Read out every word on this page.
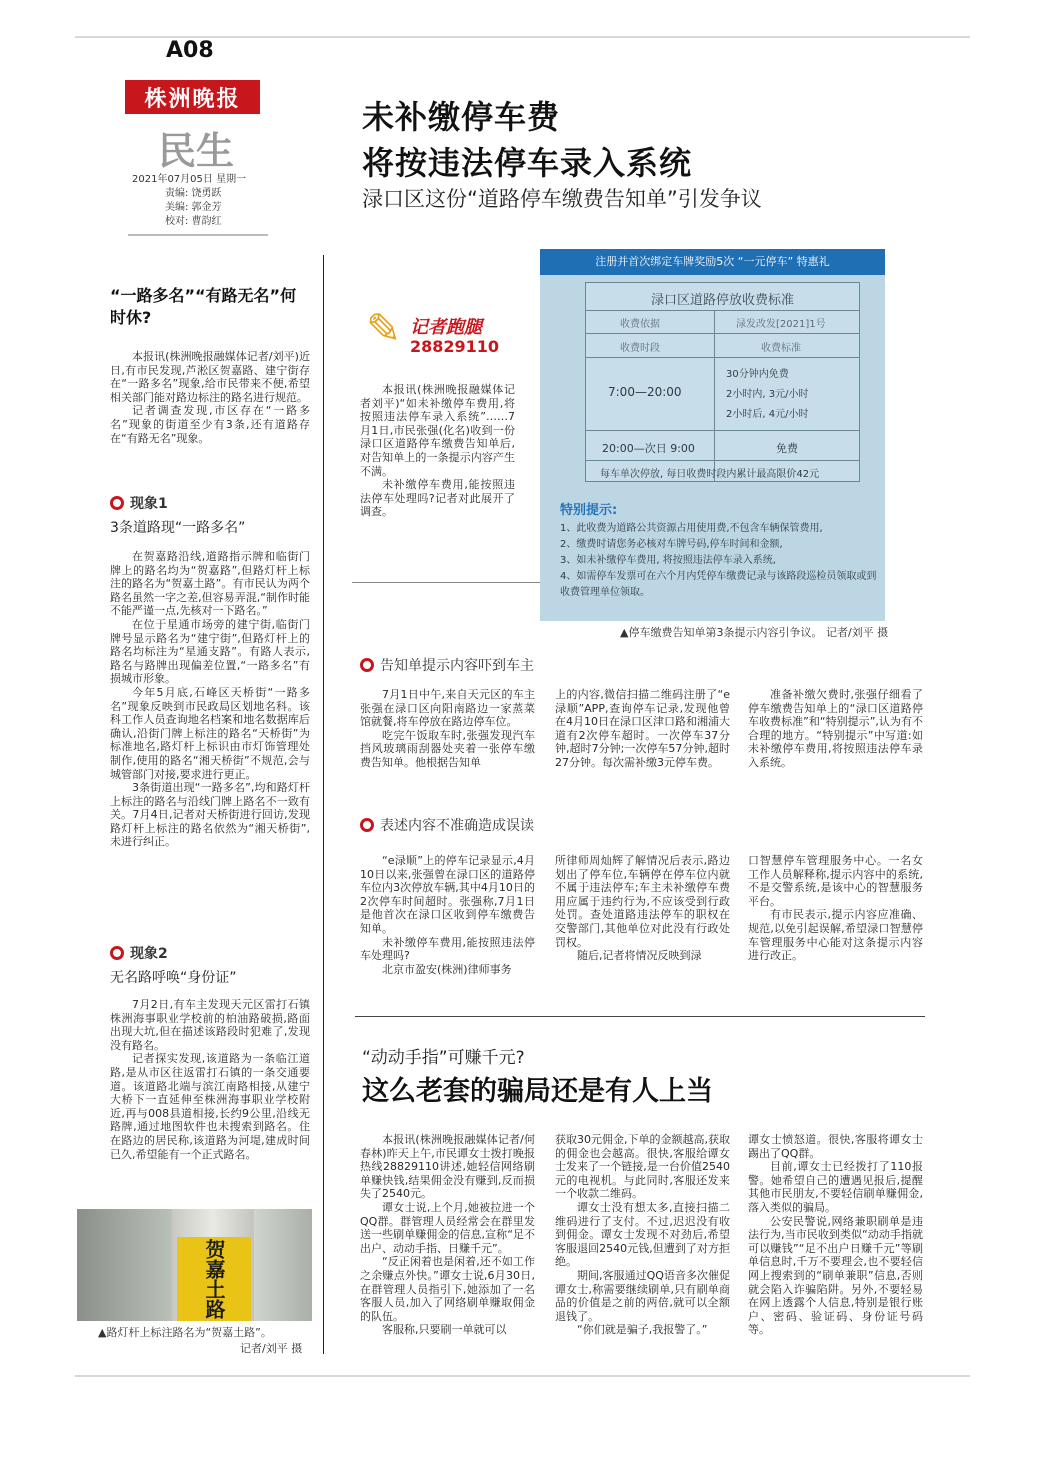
A08
株洲晚报
民生
2021年07月05日 星期一
责编: 饶勇跃
美编: 郭金芳
校对: 曹韵红
未补缴停车费
将按违法停车录入系统
渌口区这份“道路停车缴费告知单”引发争议
“一路多名”“有路无名”何时休?

本报讯(株洲晚报融媒体记者/刘平)近日,有市民发现,芦淞区贺嘉路、建宁街存在“一路多名”现象,给市民带来不便,希望相关部门能对路边标注的路名进行规范。

记者调查发现,市区存在“一路多名”现象的街道至少有3条,还有道路存在“有路无名”现象。

现象1
3条道路现“一路多名”

在贺嘉路沿线,道路指示牌和临街门牌上的路名均为“贺嘉路”,但路灯杆上标注的路名为“贺嘉土路”。有市民认为两个路名虽然一字之差,但容易弄混,“制作时能不能严谨一点,先核对一下路名。”

在位于星通市场旁的建宁街,临街门牌号显示路名为“建宁街”,但路灯杆上的路名均标注为“星通支路”。有路人表示,路名与路牌出现偏差位置,“一路多名”有损城市形象。

今年5月底,石峰区天桥街“一路多名”现象反映到市民政局区划地名科。该科工作人员查询地名档案和地名数据库后确认,沿街门牌上标注的路名“天桥街”为标准地名,路灯杆上标识由市灯饰管理处制作,使用的路名“湘天桥街”不规范,会与城管部门对接,要求进行更正。

3条街道出现“一路多名”,均和路灯杆上标注的路名与沿线门牌上路名不一致有关。7月4日,记者对天桥街进行回访,发现路灯杆上标注的路名依然为“湘天桥街”,未进行纠正。

现象2
无名路呼唤“身份证”

7月2日,有车主发现天元区雷打石镇株洲海事职业学校前的柏油路破损,路面出现大坑,但在描述该路段时犯难了,发现没有路名。

记者探实发现,该道路为一条临江道路,是从市区往返雷打石镇的一条交通要道。该道路北端与滨江南路相接,从建宁大桥下一直延伸至株洲海事职业学校附近,再与008县道相接,长约9公里,沿线无路牌,通过地图软件也未搜索到路名。住在路边的居民称,该道路为河堤,建成时间已久,希望能有一个正式路名。

贺嘉土路
▲路灯杆上标注路名为“贺嘉土路”。
记者/刘平 摄
✎ 记者跑腿
28829110

本报讯(株洲晚报融媒体记者刘平)“如未补缴停车费用,将按照违法停车录入系统”……7月1日,市民张强(化名)收到一份渌口区道路停车缴费告知单后,对告知单上的一条提示内容产生不满。

未补缴停车费用,能按照违法停车处理吗?记者对此展开了调查。

注册并首次绑定车牌奖励5次 “一元停车” 特惠礼
渌口区道路停放收费标准
收费依据	渌发改发[2021]1号
收费时段	收费标准
7:00—20:00
30分钟内免费
2小时内, 3元/小时
2小时后, 4元/小时
20:00—次日 9:00	免费
每车单次停放, 每日收费时段内累计最高限价42元
特别提示:
1、此收费为道路公共资源占用使用费,不包含车辆保管费用,
2、缴费时请您务必核对车牌号码,停车时间和金额,
3、如未补缴停车费用, 将按照违法停车录入系统,
4、如需停车发票可在六个月内凭停车缴费记录与该路段巡检员领取或到收费管理单位领取。
▲停车缴费告知单第3条提示内容引争议。 记者/刘平 摄
告知单提示内容吓到车主

7月1日中午,来自天元区的车主张强在渌口区向阳南路边一家蒸菜馆就餐,将车停放在路边停车位。

吃完午饭取车时,张强发现汽车挡风玻璃雨刮器处夹着一张停车缴费告知单。他根据告知单

上的内容,微信扫描二维码注册了“e渌顺”APP,查询停车记录,发现他曾在4月10日在渌口区津口路和湘浦大道有2次停车超时。一次停车37分钟,超时7分钟;一次停车57分钟,超时27分钟。每次需补缴3元停车费。

准备补缴欠费时,张强仔细看了停车缴费告知单上的“渌口区道路停车收费标准”和“特别提示”,认为有不合理的地方。“特别提示”中写道:如未补缴停车费用,将按照违法停车录入系统。

表述内容不准确造成误读

“e渌顺”上的停车记录显示,4月10日以来,张强曾在渌口区的道路停车位内3次停放车辆,其中4月10日的2次停车时间超时。张强称,7月1日是他首次在渌口区收到停车缴费告知单。

未补缴停车费用,能按照违法停车处理吗?

北京市盈安(株洲)律师事务

所律师周灿辉了解情况后表示,路边划出了停车位,车辆停在停车位内就不属于违法停车;车主未补缴停车费用应属于违约行为,不应该受到行政处罚。查处道路违法停车的职权在交警部门,其他单位对此没有行政处罚权。

随后,记者将情况反映到渌

口智慧停车管理服务中心。一名女工作人员解释称,提示内容中的系统,不是交警系统,是该中心的智慧服务平台。

有市民表示,提示内容应准确、规范,以免引起误解,希望渌口智慧停车管理服务中心能对这条提示内容进行改正。

“动动手指”可赚千元?
这么老套的骗局还是有人上当

本报讯(株洲晚报融媒体记者/何春林)昨天上午,市民谭女士拨打晚报热线28829110讲述,她轻信网络刷单赚快钱,结果佣金没有赚到,反而损失了2540元。

谭女士说,上个月,她被拉进一个QQ群。群管理人员经常会在群里发送一些刷单赚佣金的信息,宣称“足不出户、动动手指、日赚千元”。

“反正闲着也是闲着,还不如工作之余赚点外快。”谭女士说,6月30日,在群管理人员指引下,她添加了一名客服人员,加入了网络刷单赚取佣金的队伍。

客服称,只要刷一单就可以

获取30元佣金,下单的金额越高,获取的佣金也会越高。很快,客服给谭女士发来了一个链接,是一台价值2540元的电视机。与此同时,客服还发来一个收款二维码。

谭女士没有想太多,直接扫描二维码进行了支付。不过,迟迟没有收到佣金。谭女士发现不对劲后,希望客服退回2540元钱,但遭到了对方拒绝。

期间,客服通过QQ语音多次催促谭女士,称需要继续刷单,只有刷单商品的价值是之前的两倍,就可以全额退钱了。

“你们就是骗子,我报警了。”

谭女士愤怒道。很快,客服将谭女士踢出了QQ群。

目前,谭女士已经拨打了110报警。她希望自己的遭遇见报后,提醒其他市民朋友,不要轻信刷单赚佣金,落入类似的骗局。

公安民警说,网络兼职刷单是违法行为,当市民收到类似“动动手指就可以赚钱”“足不出户日赚千元”等刷单信息时,千万不要理会,也不要轻信网上搜索到的“刷单兼职”信息,否则就会陷入诈骗陷阱。另外,不要轻易在网上透露个人信息,特别是银行账户、密码、验证码、身份证号码等。
